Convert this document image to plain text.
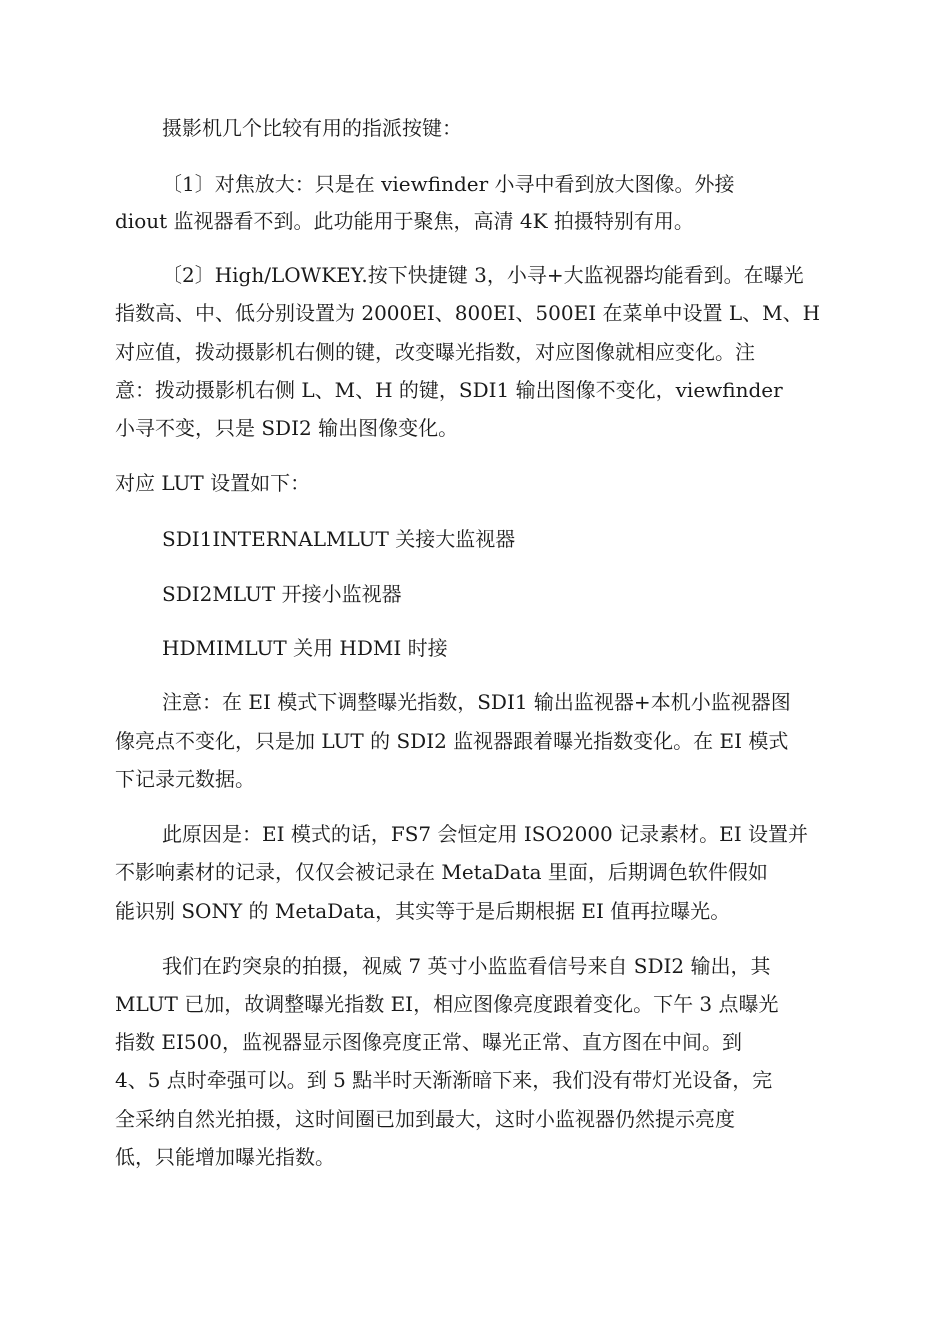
摄影机几个比较有用的指派按键：
〔1〕对焦放大：只是在 viewfinder 小寻中看到放大图像。外接
diout 监视器看不到。此功能用于聚焦，高清 4K 拍摄特别有用。
〔2〕High/LOWKEY.按下快捷键 3，小寻+大监视器均能看到。在曝光
指数高、中、低分别设置为 2000EI、800EI、500EI 在菜单中设置 L、M、H
对应值，拨动摄影机右侧的键，改变曝光指数，对应图像就相应变化。注
意：拨动摄影机右侧 L、M、H 的键，SDI1 输出图像不变化，viewfinder
小寻不变，只是 SDI2 输出图像变化。
对应 LUT 设置如下：
SDI1INTERNALMLUT 关接大监视器
SDI2MLUT 开接小监视器
HDMIMLUT 关用 HDMI 时接
注意：在 EI 模式下调整曝光指数，SDI1 输出监视器+本机小监视器图
像亮点不变化，只是加 LUT 的 SDI2 监视器跟着曝光指数变化。在 EI 模式
下记录元数据。
此原因是：EI 模式的话，FS7 会恒定用 ISO2000 记录素材。EI 设置并
不影响素材的记录，仅仅会被记录在 MetaData 里面，后期调色软件假如
能识别 SONY 的 MetaData，其实等于是后期根据 EI 值再拉曝光。
我们在趵突泉的拍摄，视威 7 英寸小监监看信号来自 SDI2 输出，其
MLUT 已加，故调整曝光指数 EI，相应图像亮度跟着变化。下午 3 点曝光
指数 EI500，监视器显示图像亮度正常、曝光正常、直方图在中间。到
4、5 点时牵强可以。到 5 點半时天渐渐暗下来，我们没有带灯光设备，完
全采纳自然光拍摄，这时间圈已加到最大，这时小监视器仍然提示亮度
低，只能增加曝光指数。
